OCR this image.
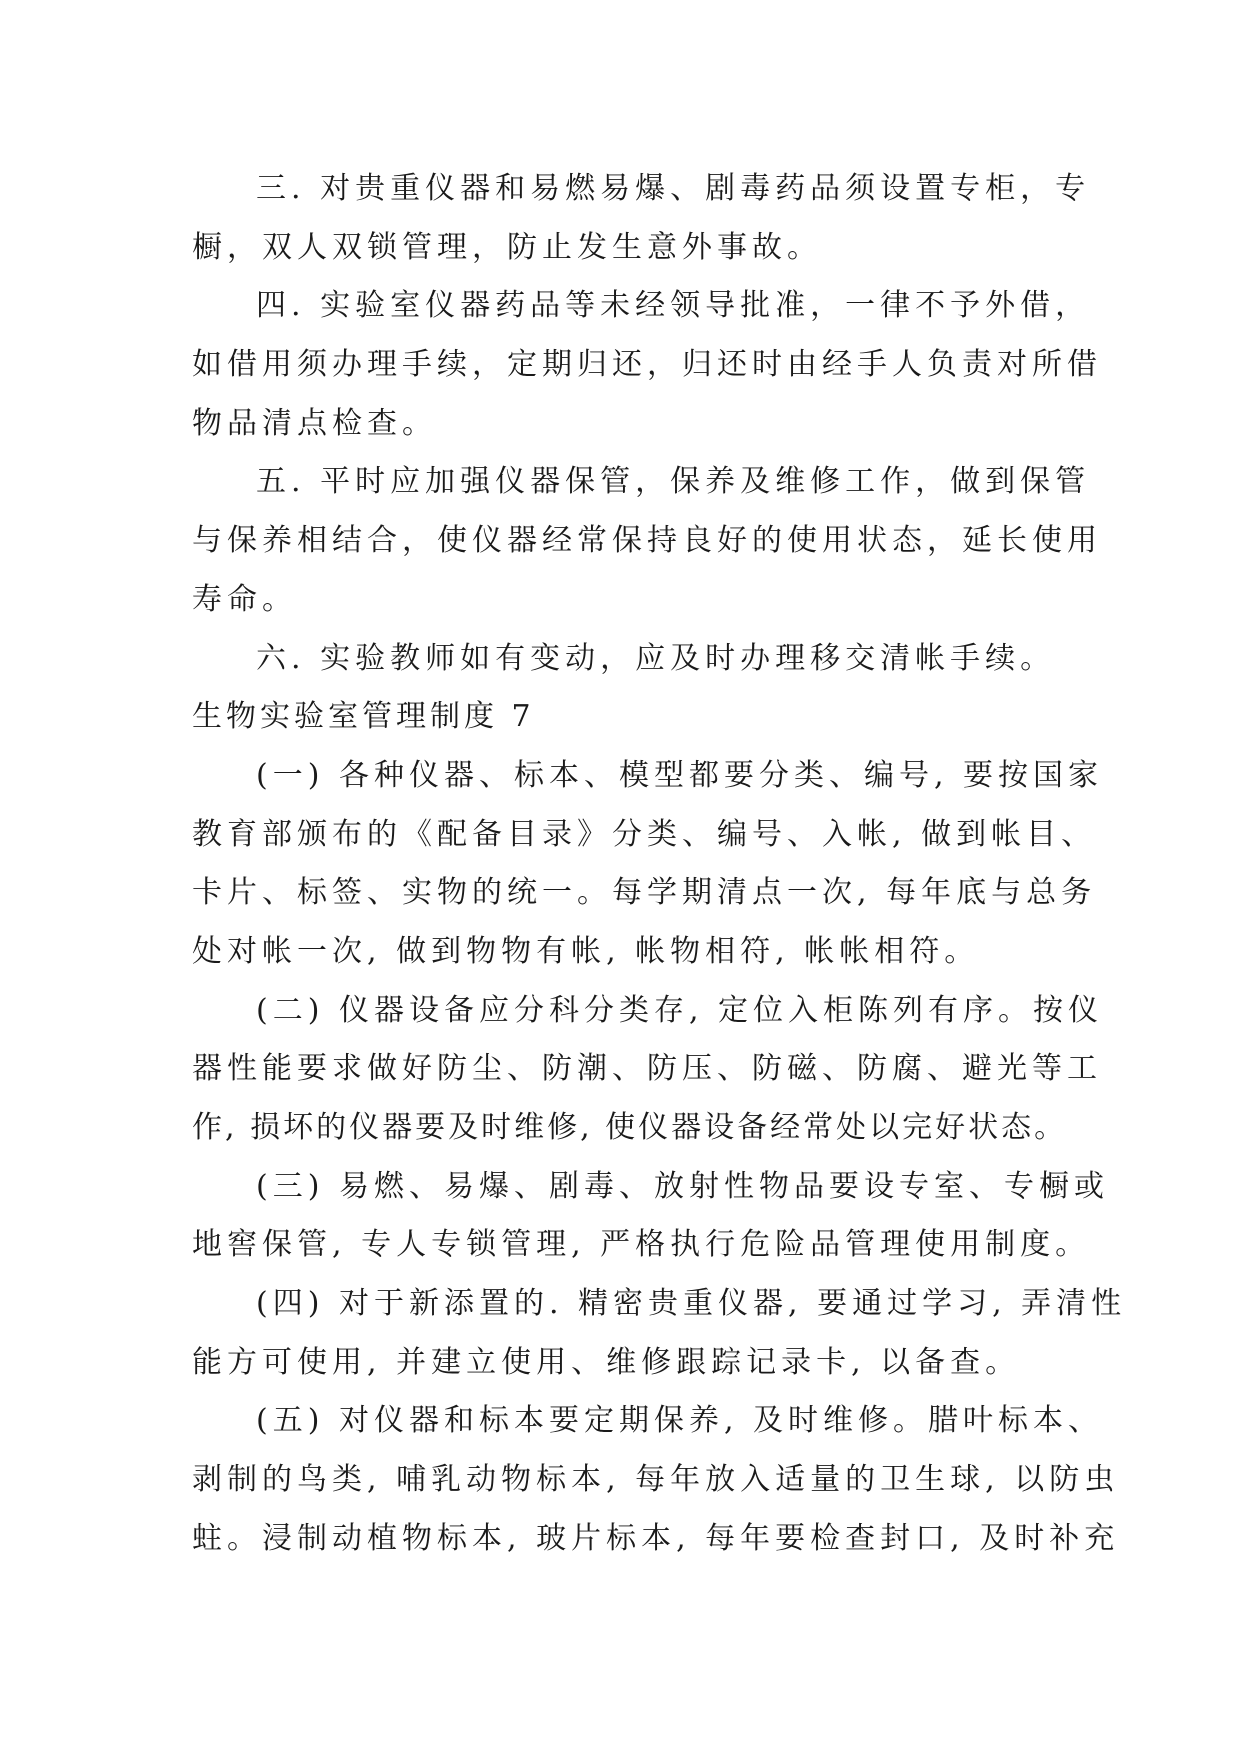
三. 对贵重仪器和易燃易爆、剧毒药品须设置专柜，专
橱，双人双锁管理，防止发生意外事故。
四. 实验室仪器药品等未经领导批准，一律不予外借，
如借用须办理手续，定期归还，归还时由经手人负责对所借
物品清点检查。
五. 平时应加强仪器保管，保养及维修工作，做到保管
与保养相结合，使仪器经常保持良好的使用状态，延长使用
寿命。
六. 实验教师如有变动，应及时办理移交清帐手续。
生物实验室管理制度 7
(一) 各种仪器、标本、模型都要分类、编号, 要按国家
教育部颁布的《配备目录》分类、编号、入帐, 做到帐目、
卡片、标签、实物的统一。每学期清点一次, 每年底与总务
处对帐一次, 做到物物有帐, 帐物相符, 帐帐相符。
(二) 仪器设备应分科分类存, 定位入柜陈列有序。按仪
器性能要求做好防尘、防潮、防压、防磁、防腐、避光等工
作, 损坏的仪器要及时维修, 使仪器设备经常处以完好状态。
(三) 易燃、易爆、剧毒、放射性物品要设专室、专橱或
地窖保管, 专人专锁管理, 严格执行危险品管理使用制度。
(四) 对于新添置的. 精密贵重仪器, 要通过学习, 弄清性
能方可使用, 并建立使用、维修跟踪记录卡, 以备查。
(五) 对仪器和标本要定期保养, 及时维修。腊叶标本、
剥制的鸟类, 哺乳动物标本, 每年放入适量的卫生球, 以防虫
蛀。浸制动植物标本, 玻片标本, 每年要检查封口, 及时补充
